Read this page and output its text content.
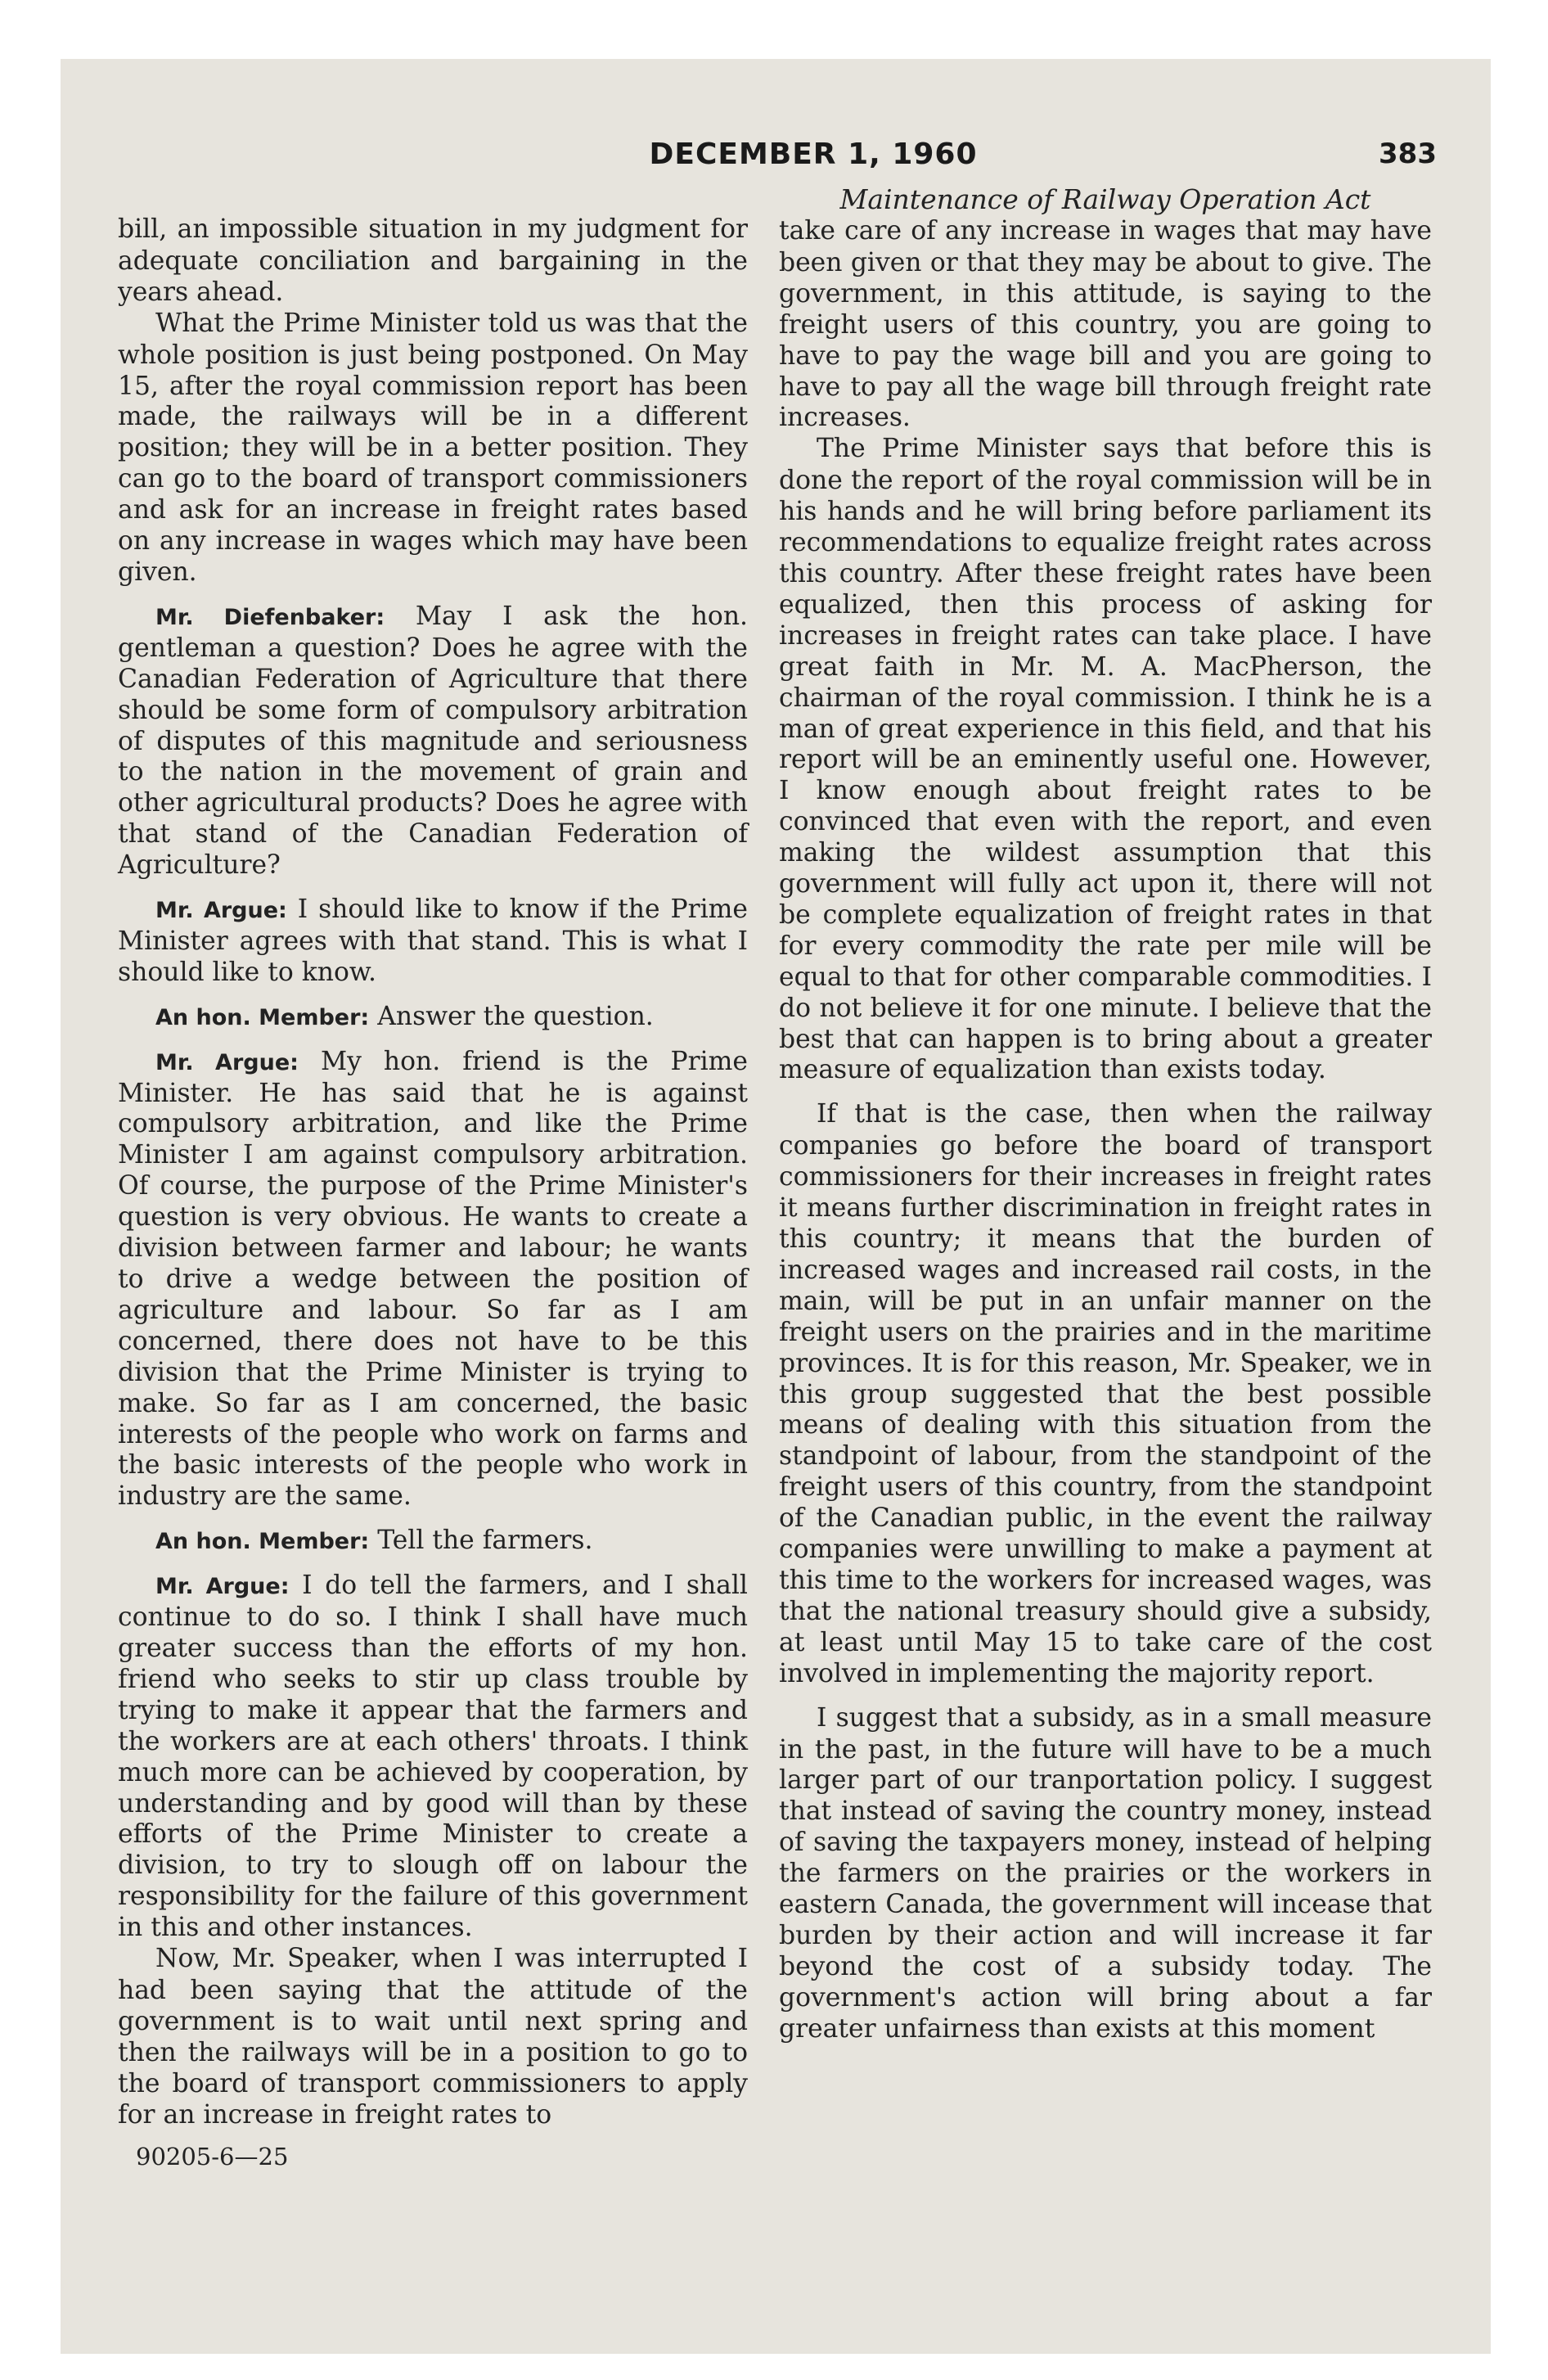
DECEMBER 1, 1960	383

bill, an impossible situation in my judgment for adequate conciliation and bargaining in the years ahead.

What the Prime Minister told us was that the whole position is just being postponed. On May 15, after the royal commission report has been made, the railways will be in a different position; they will be in a better position. They can go to the board of transport commissioners and ask for an increase in freight rates based on any increase in wages which may have been given.

Mr. Diefenbaker: May I ask the hon. gentleman a question? Does he agree with the Canadian Federation of Agriculture that there should be some form of compulsory arbitration of disputes of this magnitude and seriousness to the nation in the movement of grain and other agricultural products? Does he agree with that stand of the Canadian Federation of Agriculture?

Mr. Argue: I should like to know if the Prime Minister agrees with that stand. This is what I should like to know.

An hon. Member: Answer the question.

Mr. Argue: My hon. friend is the Prime Minister. He has said that he is against compulsory arbitration, and like the Prime Minister I am against compulsory arbitration. Of course, the purpose of the Prime Minister's question is very obvious. He wants to create a division between farmer and labour; he wants to drive a wedge between the position of agriculture and labour. So far as I am concerned, there does not have to be this division that the Prime Minister is trying to make. So far as I am concerned, the basic interests of the people who work on farms and the basic interests of the people who work in industry are the same.

An hon. Member: Tell the farmers.

Mr. Argue: I do tell the farmers, and I shall continue to do so. I think I shall have much greater success than the efforts of my hon. friend who seeks to stir up class trouble by trying to make it appear that the farmers and the workers are at each others' throats. I think much more can be achieved by cooperation, by understanding and by good will than by these efforts of the Prime Minister to create a division, to try to slough off on labour the responsibility for the failure of this government in this and other instances.

Now, Mr. Speaker, when I was interrupted I had been saying that the attitude of the government is to wait until next spring and then the railways will be in a position to go to the board of transport commissioners to apply for an increase in freight rates to

90205-6—25
Maintenance of Railway Operation Act

take care of any increase in wages that may have been given or that they may be about to give. The government, in this attitude, is saying to the freight users of this country, you are going to have to pay the wage bill and you are going to have to pay all the wage bill through freight rate increases.

The Prime Minister says that before this is done the report of the royal commission will be in his hands and he will bring before parliament its recommendations to equalize freight rates across this country. After these freight rates have been equalized, then this process of asking for increases in freight rates can take place. I have great faith in Mr. M. A. MacPherson, the chairman of the royal commission. I think he is a man of great experience in this field, and that his report will be an eminently useful one. However, I know enough about freight rates to be convinced that even with the report, and even making the wildest assumption that this government will fully act upon it, there will not be complete equalization of freight rates in that for every commodity the rate per mile will be equal to that for other comparable commodities. I do not believe it for one minute. I believe that the best that can happen is to bring about a greater measure of equalization than exists today.

If that is the case, then when the railway companies go before the board of transport commissioners for their increases in freight rates it means further discrimination in freight rates in this country; it means that the burden of increased wages and increased rail costs, in the main, will be put in an unfair manner on the freight users on the prairies and in the maritime provinces. It is for this reason, Mr. Speaker, we in this group suggested that the best possible means of dealing with this situation from the standpoint of labour, from the standpoint of the freight users of this country, from the standpoint of the Canadian public, in the event the railway companies were unwilling to make a payment at this time to the workers for increased wages, was that the national treasury should give a subsidy, at least until May 15 to take care of the cost involved in implementing the majority report.

I suggest that a subsidy, as in a small measure in the past, in the future will have to be a much larger part of our tranportation policy. I suggest that instead of saving the country money, instead of saving the taxpayers money, instead of helping the farmers on the prairies or the workers in eastern Canada, the government will incease that burden by their action and will increase it far beyond the cost of a subsidy today. The government's action will bring about a far greater unfairness than exists at this moment
